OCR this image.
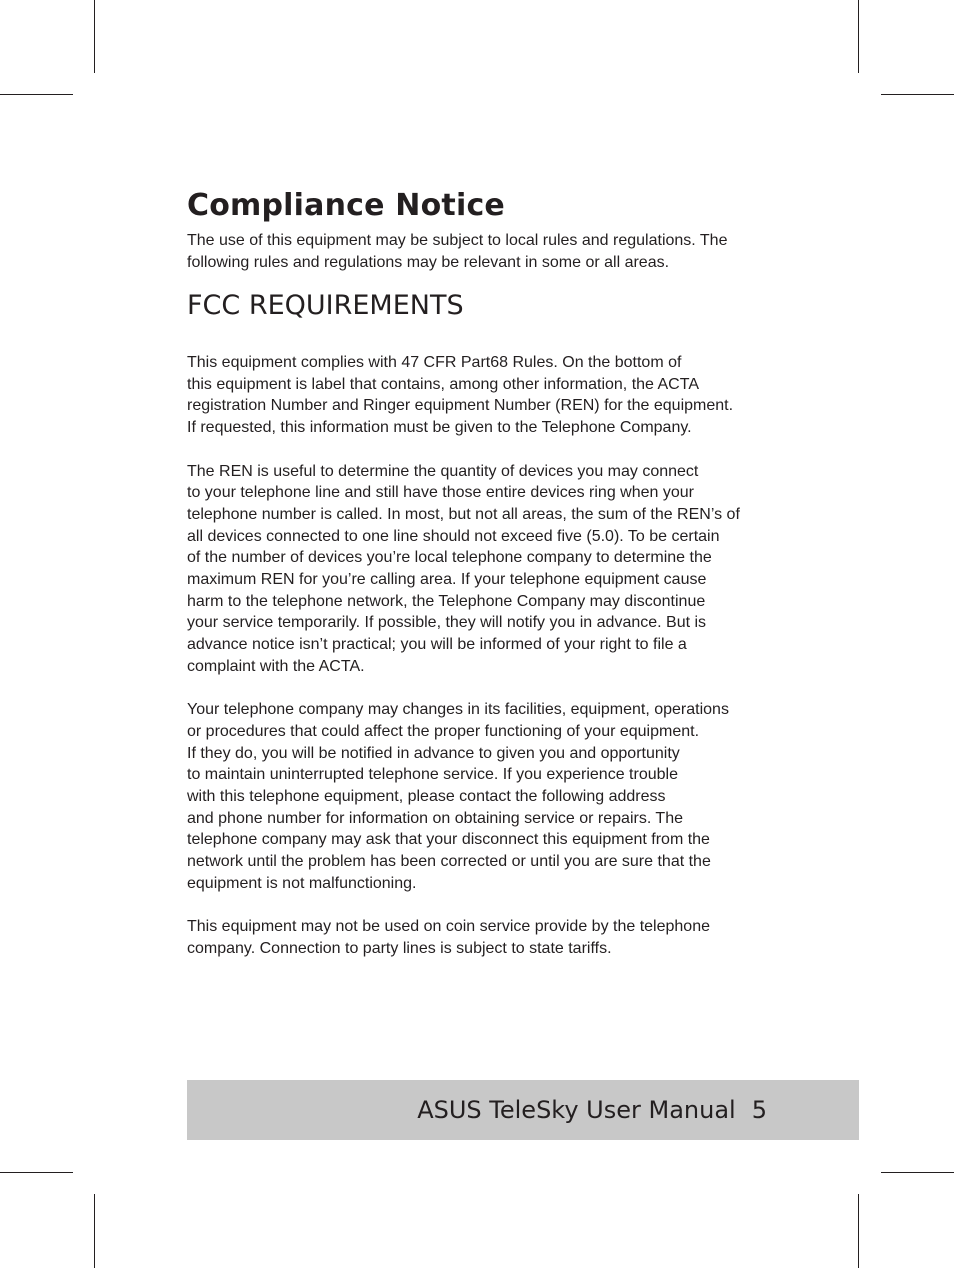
Compliance Notice

The use of this equipment may be subject to local rules and regulations. The
following rules and regulations may be relevant in some or all areas.

FCC REQUIREMENTS

This equipment complies with 47 CFR Part68 Rules. On the bottom of
this equipment is label that contains, among other information, the ACTA
registration Number and Ringer equipment Number (REN) for the equipment.
If requested, this information must be given to the Telephone Company.

The REN is useful to determine the quantity of devices you may connect
to your telephone line and still have those entire devices ring when your
telephone number is called. In most, but not all areas, the sum of the REN’s of
all devices connected to one line should not exceed five (5.0). To be certain
of the number of devices you’re local telephone company to determine the
maximum REN for you’re calling area. If your telephone equipment cause
harm to the telephone network, the Telephone Company may discontinue
your service temporarily. If possible, they will notify you in advance. But is
advance notice isn’t practical; you will be informed of your right to file a
complaint with the ACTA.

Your telephone company may changes in its facilities, equipment, operations
or procedures that could affect the proper functioning of your equipment.
If they do, you will be notified in advance to given you and opportunity
to maintain uninterrupted telephone service. If you experience trouble
with this telephone equipment, please contact the following address
and phone number for information on obtaining service or repairs. The
telephone company may ask that your disconnect this equipment from the
network until the problem has been corrected or until you are sure that the
equipment is not malfunctioning.

This equipment may not be used on coin service provide by the telephone
company. Connection to party lines is subject to state tariffs.

ASUS TeleSky User Manual 5
